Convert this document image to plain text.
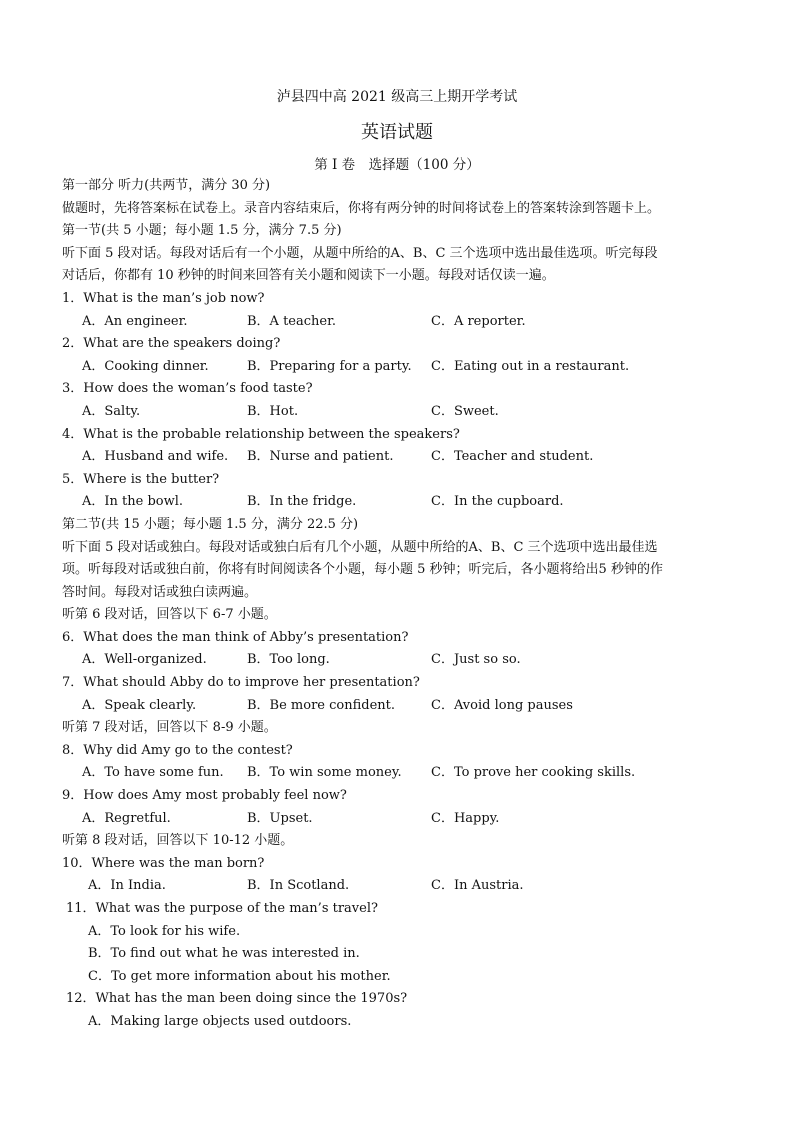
泸县四中高 2021 级高三上期开学考试
英语试题
第 I 卷　选择题（100 分）
第一部分 听力(共两节，满分 30 分)
做题时，先将答案标在试卷上。录音内容结束后，你将有两分钟的时间将试卷上的答案转涂到答题卡上。
第一节(共 5 小题；每小题 1.5 分，满分 7.5 分)
听下面 5 段对话。每段对话后有一个小题，从题中所给的A、B、C 三个选项中选出最佳选项。听完每段
对话后，你都有 10 秒钟的时间来回答有关小题和阅读下一小题。每段对话仅读一遍。
1．What is the man’s job now?
A．An engineer.	B．A teacher.	C．A reporter.
2．What are the speakers doing?
A．Cooking dinner.	B．Preparing for a party.	C．Eating out in a restaurant.
3．How does the woman’s food taste?
A．Salty.	B．Hot.	C．Sweet.
4．What is the probable relationship between the speakers?
A．Husband and wife.	B．Nurse and patient.	C．Teacher and student.
5．Where is the butter?
A．In the bowl.	B．In the fridge.	C．In the cupboard.
第二节(共 15 小题；每小题 1.5 分，满分 22.5 分)
听下面 5 段对话或独白。每段对话或独白后有几个小题，从题中所给的A、B、C 三个选项中选出最佳选
项。听每段对话或独白前，你将有时间阅读各个小题，每小题 5 秒钟；听完后，各小题将给出5 秒钟的作
答时间。每段对话或独白读两遍。
听第 6 段对话，回答以下 6-7 小题。
6．What does the man think of Abby’s presentation?
A．Well-organized.	B．Too long.	C．Just so so.
7．What should Abby do to improve her presentation?
A．Speak clearly.	B．Be more confident.	C．Avoid long pauses
听第 7 段对话，回答以下 8-9 小题。
8．Why did Amy go to the contest?
A．To have some fun.	B．To win some money.	C．To prove her cooking skills.
9．How does Amy most probably feel now?
A．Regretful.	B．Upset.	C．Happy.
听第 8 段对话，回答以下 10-12 小题。
10．Where was the man born?
A．In India.	B．In Scotland.	C．In Austria.
11．What was the purpose of the man’s travel?
A．To look for his wife.
B．To find out what he was interested in.
C．To get more information about his mother.
12．What has the man been doing since the 1970s?
A．Making large objects used outdoors.
